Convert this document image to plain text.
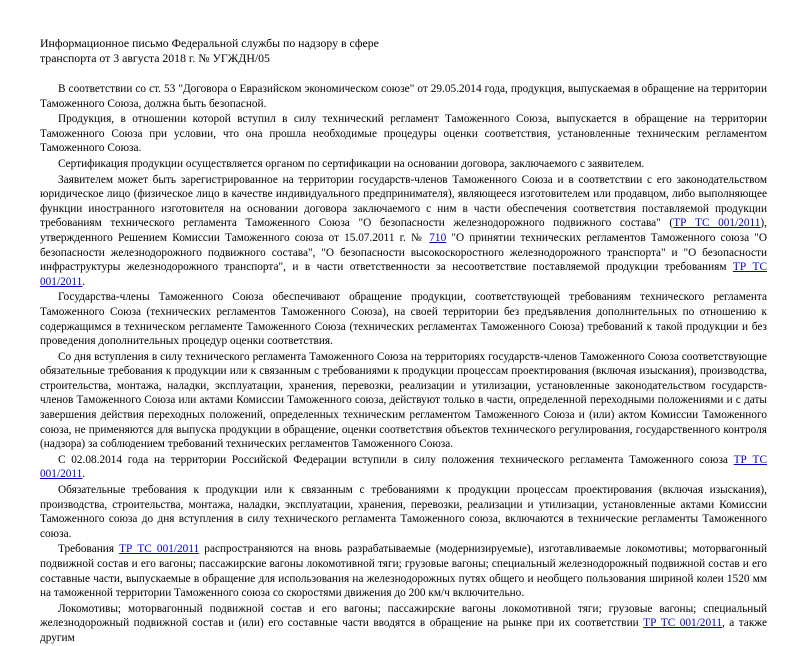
Информационное письмо Федеральной службы по надзору в сфере
транспорта от 3 августа 2018 г. № УГЖДН/05

В соответствии со ст. 53 "Договора о Евразийском экономическом союзе" от 29.05.2014 года, продукция, выпускаемая в обращение на территории Таможенного Союза, должна быть безопасной.

Продукция, в отношении которой вступил в силу технический регламент Таможенного Союза, выпускается в обращение на территории Таможенного Союза при условии, что она прошла необходимые процедуры оценки соответствия, установленные техническим регламентом Таможенного Союза.

Сертификация продукции осуществляется органом по сертификации на основании договора, заключаемого с заявителем.

Заявителем может быть зарегистрированное на территории государств-членов Таможенного Союза и в соответствии с его законодательством юридическое лицо (физическое лицо в качестве индивидуального предпринимателя), являющееся изготовителем или продавцом, либо выполняющее функции иностранного изготовителя на основании договора заключаемого с ним в части обеспечения соответствия поставляемой продукции требованиям технического регламента Таможенного Союза "О безопасности железнодорожного подвижного состава" (ТР ТС 001/2011), утвержденного Решением Комиссии Таможенного союза от 15.07.2011 г. № 710 "О принятии технических регламентов Таможенного союза "О безопасности железнодорожного подвижного состава", "О безопасности высокоскоростного железнодорожного транспорта" и "О безопасности инфраструктуры железнодорожного транспорта", и в части ответственности за несоответствие поставляемой продукции требованиям ТР ТС 001/2011.

Государства-члены Таможенного Союза обеспечивают обращение продукции, соответствующей требованиям технического регламента Таможенного Союза (технических регламентов Таможенного Союза), на своей территории без предъявления дополнительных по отношению к содержащимся в техническом регламенте Таможенного Союза (технических регламентах Таможенного Союза) требований к такой продукции и без проведения дополнительных процедур оценки соответствия.

Со дня вступления в силу технического регламента Таможенного Союза на территориях государств-членов Таможенного Союза соответствующие обязательные требования к продукции или к связанным с требованиями к продукции процессам проектирования (включая изыскания), производства, строительства, монтажа, наладки, эксплуатации, хранения, перевозки, реализации и утилизации, установленные законодательством государств-членов Таможенного Союза или актами Комиссии Таможенного союза, действуют только в части, определенной переходными положениями и с даты завершения действия переходных положений, определенных техническим регламентом Таможенного Союза и (или) актом Комиссии Таможенного союза, не применяются для выпуска продукции в обращение, оценки соответствия объектов технического регулирования, государственного контроля (надзора) за соблюдением требований технических регламентов Таможенного Союза.

С 02.08.2014 года на территории Российской Федерации вступили в силу положения технического регламента Таможенного союза ТР ТС 001/2011.

Обязательные требования к продукции или к связанным с требованиями к продукции процессам проектирования (включая изыскания), производства, строительства, монтажа, наладки, эксплуатации, хранения, перевозки, реализации и утилизации, установленные актами Комиссии Таможенного союза до дня вступления в силу технического регламента Таможенного союза, включаются в технические регламенты Таможенного союза.

Требования ТР ТС 001/2011 распространяются на вновь разрабатываемые (модернизируемые), изготавливаемые локомотивы; моторвагонный подвижной состав и его вагоны; пассажирские вагоны локомотивной тяги; грузовые вагоны; специальный железнодорожный подвижной состав и его составные части, выпускаемые в обращение для использования на железнодорожных путях общего и необщего пользования шириной колеи 1520 мм на таможенной территории Таможенного союза со скоростями движения до 200 км/ч включительно.

Локомотивы; моторвагонный подвижной состав и его вагоны; пассажирские вагоны локомотивной тяги; грузовые вагоны; специальный железнодорожный подвижной состав и (или) его составные части вводятся в обращение на рынке при их соответствии ТР ТС 001/2011, а также другим
